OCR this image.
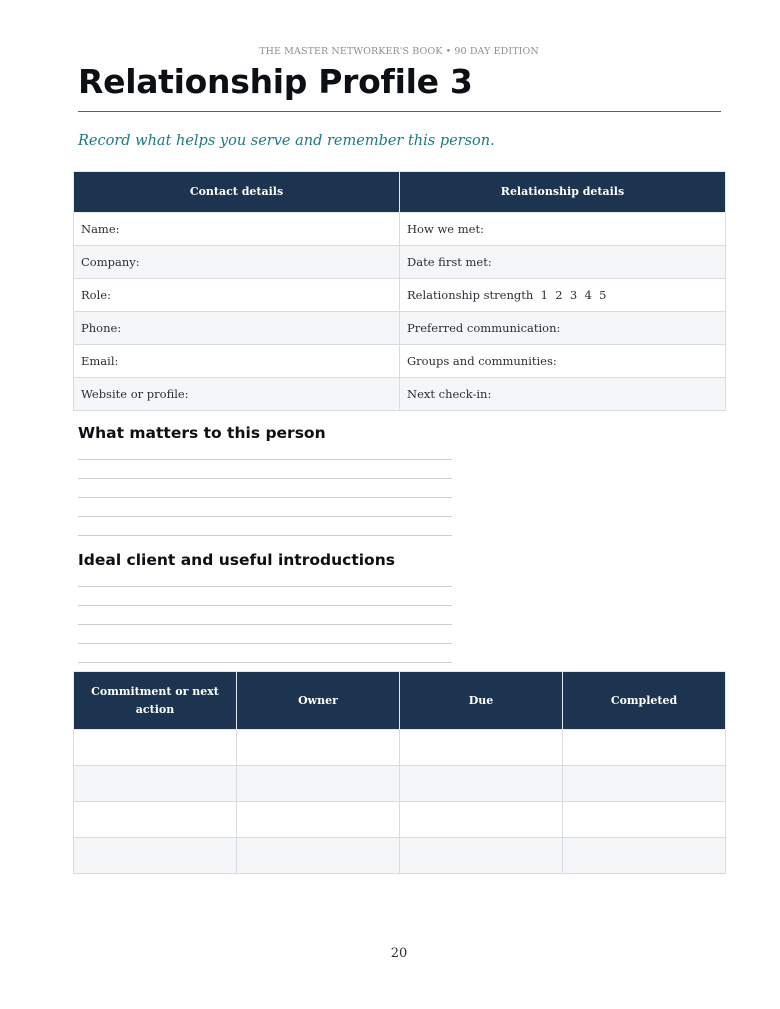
THE MASTER NETWORKER'S BOOK • 90 DAY EDITION
Relationship Profile 3
Record what helps you serve and remember this person.
Contact details	Relationship details
Name:	How we met:
Company:	Date first met:
Role:	Relationship strength  1  2  3  4  5
Phone:	Preferred communication:
Email:	Groups and communities:
Website or profile:	Next check-in:
What matters to this person
Ideal client and useful introductions
Commitment or next action	Owner	Due	Completed

20
